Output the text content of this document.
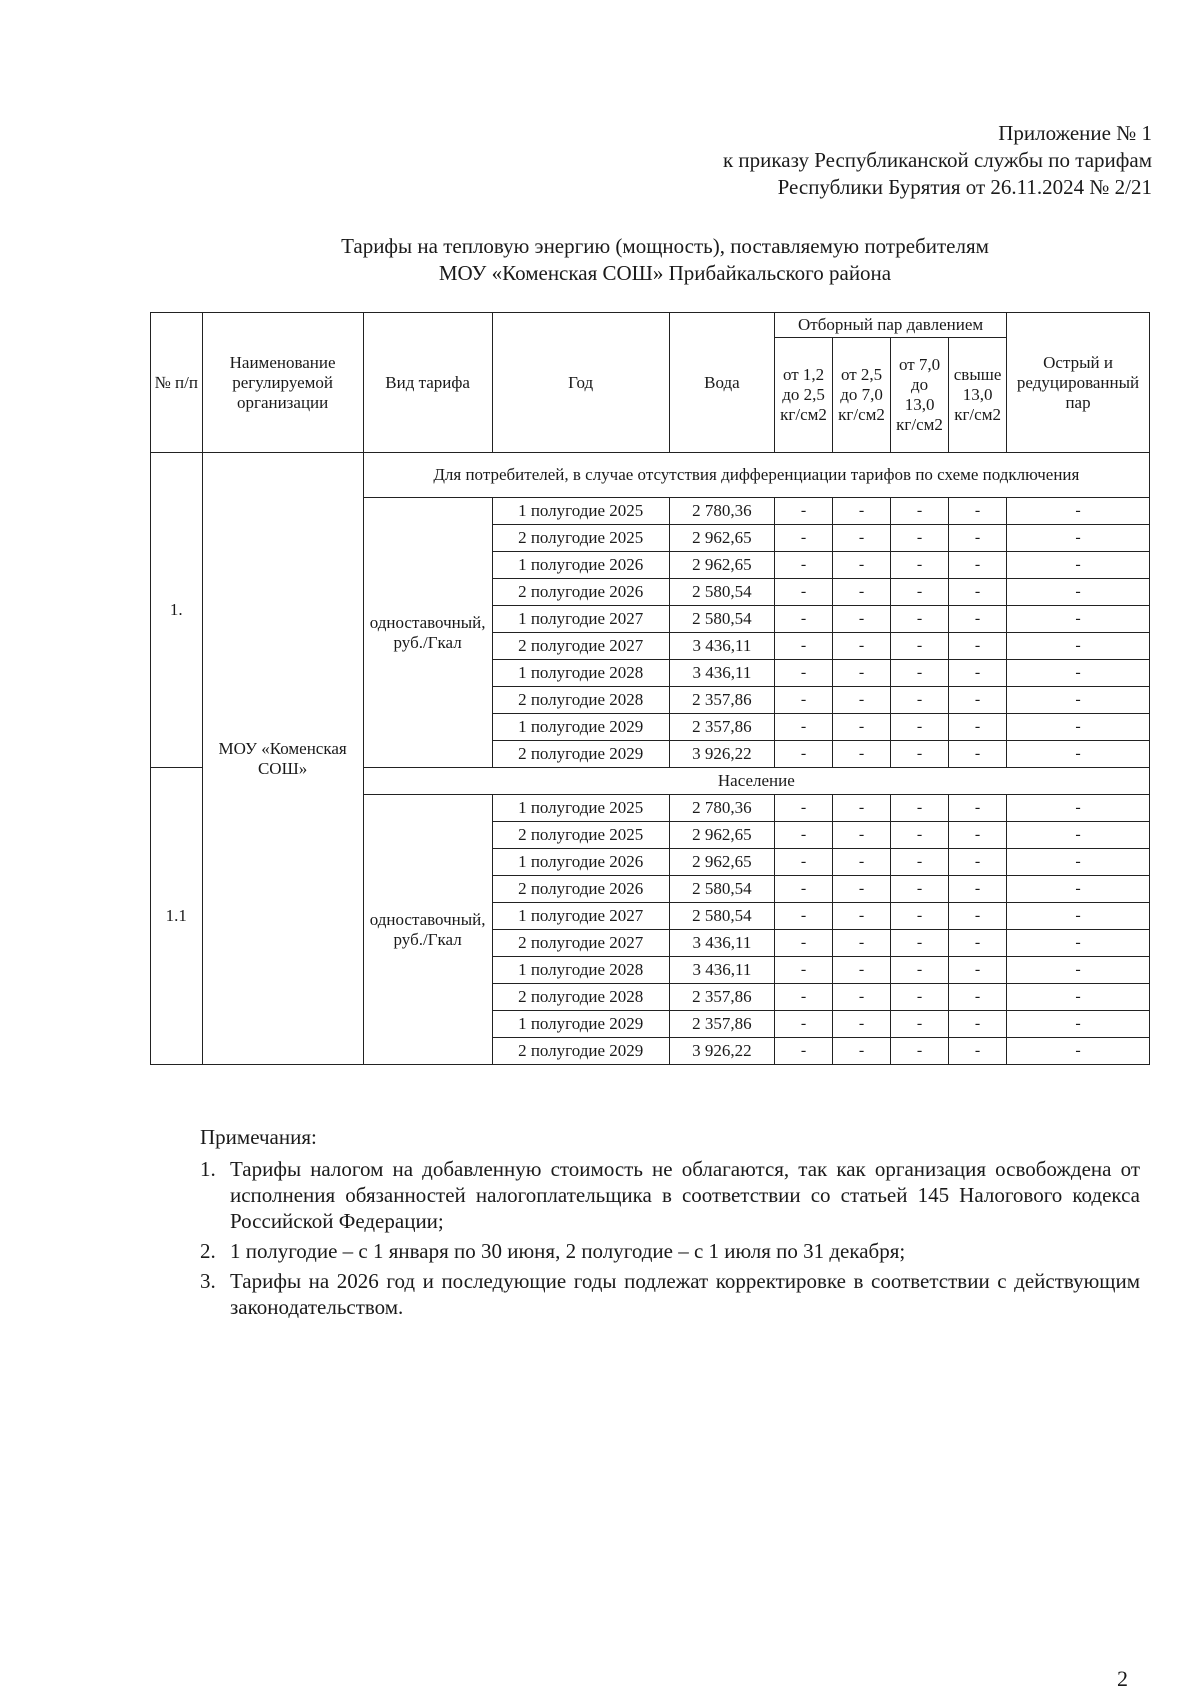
Приложение № 1
к приказу Республиканской службы по тарифам
Республики Бурятия от 26.11.2024 № 2/21
Тарифы на тепловую энергию (мощность), поставляемую потребителям
МОУ «Коменская СОШ» Прибайкальского района
№ п/п	Наименование регулируемой организации	Вид тарифа	Год	Вода	Отборный пар давлением				Острый и редуцированный пар
					от 1,2 до 2,5 кг/см2	от 2,5 до 7,0 кг/см2	от 7,0 до 13,0 кг/см2	свыше 13,0 кг/см2	
1.	МОУ «Коменская СОШ»	Для потребителей, в случае отсутствия дифференциации тарифов по схеме подключения							
		одноставочный, руб./Гкал	1 полугодие 2025	2 780,36	-	-	-	-	-
			2 полугодие 2025	2 962,65	-	-	-	-	-
			1 полугодие 2026	2 962,65	-	-	-	-	-
			2 полугодие 2026	2 580,54	-	-	-	-	-
			1 полугодие 2027	2 580,54	-	-	-	-	-
			2 полугодие 2027	3 436,11	-	-	-	-	-
			1 полугодие 2028	3 436,11	-	-	-	-	-
			2 полугодие 2028	2 357,86	-	-	-	-	-
			1 полугодие 2029	2 357,86	-	-	-	-	-
			2 полугодие 2029	3 926,22	-	-	-	-	-
1.1		Население							
		одноставочный, руб./Гкал	1 полугодие 2025	2 780,36	-	-	-	-	-
			2 полугодие 2025	2 962,65	-	-	-	-	-
			1 полугодие 2026	2 962,65	-	-	-	-	-
			2 полугодие 2026	2 580,54	-	-	-	-	-
			1 полугодие 2027	2 580,54	-	-	-	-	-
			2 полугодие 2027	3 436,11	-	-	-	-	-
			1 полугодие 2028	3 436,11	-	-	-	-	-
			2 полугодие 2028	2 357,86	-	-	-	-	-
			1 полугодие 2029	2 357,86	-	-	-	-	-
			2 полугодие 2029	3 926,22	-	-	-	-	-
Примечания:
1. Тарифы налогом на добавленную стоимость не облагаются, так как организация освобождена от исполнения обязанностей налогоплательщика в соответствии со статьей 145 Налогового кодекса Российской Федерации;
2. 1 полугодие – с 1 января по 30 июня, 2 полугодие – с 1 июля по 31 декабря;
3. Тарифы на 2026 год и последующие годы подлежат корректировке в соответствии с действующим законодательством.
2
